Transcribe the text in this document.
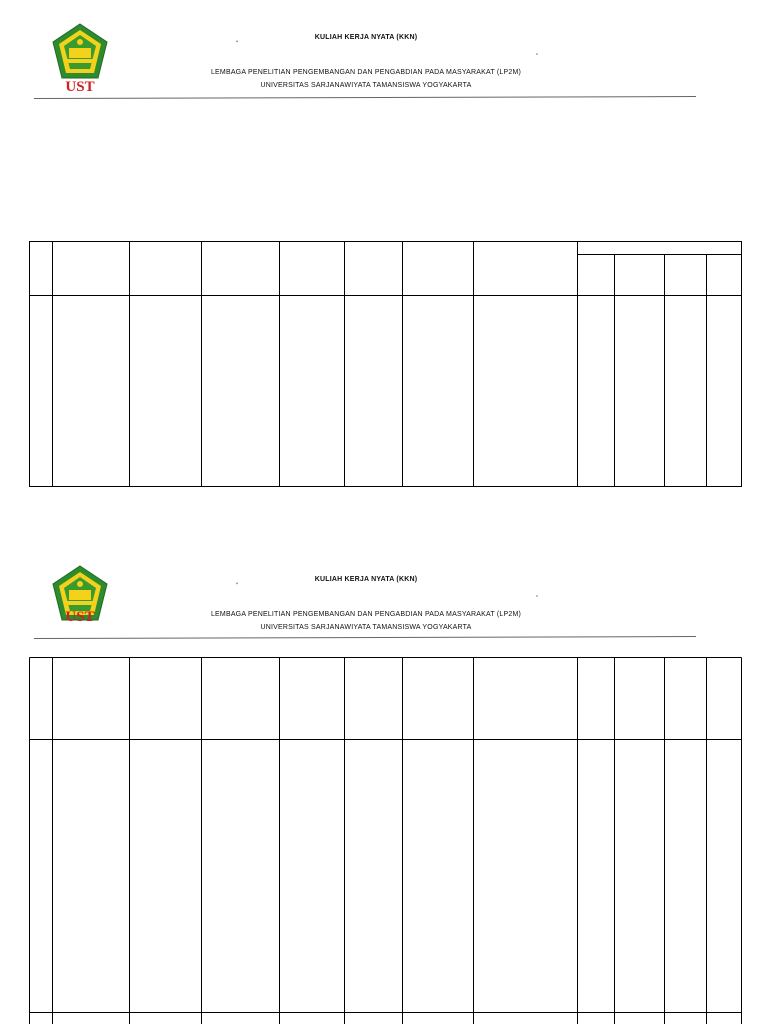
UST
KULIAH KERJA NYATA (KKN)
“
”
LEMBAGA PENELITIAN PENGEMBANGAN DAN PENGABDIAN PADA MASYARAKAT (LP2M)
UNIVERSITAS SARJANAWIYATA TAMANSISWA YOGYAKARTA
UST
KULIAH KERJA NYATA (KKN)
“
”
LEMBAGA PENELITIAN PENGEMBANGAN DAN PENGABDIAN PADA MASYARAKAT (LP2M)
UNIVERSITAS SARJANAWIYATA TAMANSISWA YOGYAKARTA
